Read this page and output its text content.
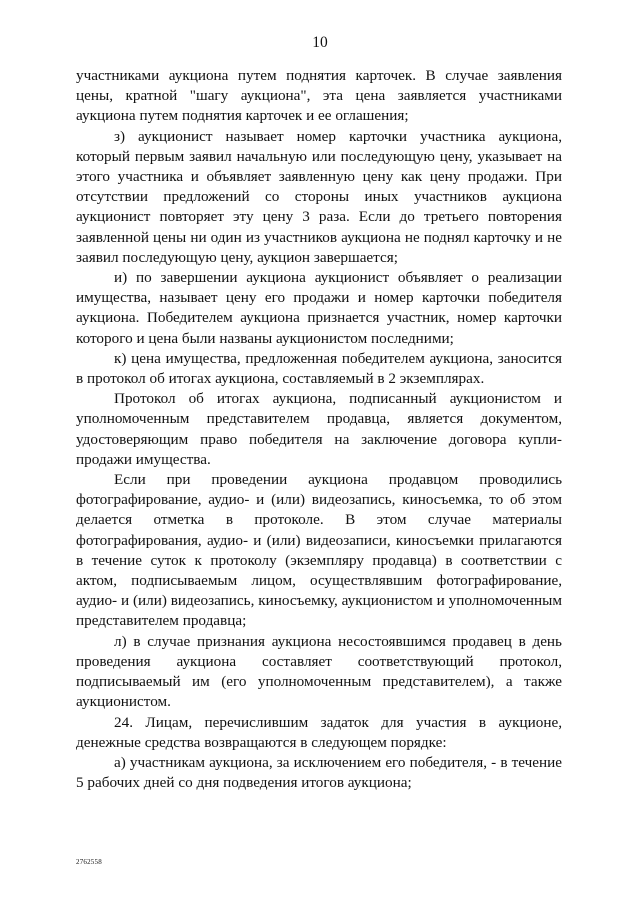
10

участниками аукциона путем поднятия карточек. В случае заявления цены, кратной "шагу аукциона", эта цена заявляется участниками аукциона путем поднятия карточек и ее оглашения;

з) аукционист называет номер карточки участника аукциона, который первым заявил начальную или последующую цену, указывает на этого участника и объявляет заявленную цену как цену продажи. При отсутствии предложений со стороны иных участников аукциона аукционист повторяет эту цену 3 раза. Если до третьего повторения заявленной цены ни один из участников аукциона не поднял карточку и не заявил последующую цену, аукцион завершается;

и) по завершении аукциона аукционист объявляет о реализации имущества, называет цену его продажи и номер карточки победителя аукциона. Победителем аукциона признается участник, номер карточки которого и цена были названы аукционистом последними;

к) цена имущества, предложенная победителем аукциона, заносится в протокол об итогах аукциона, составляемый в 2 экземплярах.

Протокол об итогах аукциона, подписанный аукционистом и уполномоченным представителем продавца, является документом, удостоверяющим право победителя на заключение договора купли-продажи имущества.

Если при проведении аукциона продавцом проводились фотографирование, аудио- и (или) видеозапись, киносъемка, то об этом делается отметка в протоколе. В этом случае материалы фотографирования, аудио- и (или) видеозаписи, киносъемки прилагаются в течение суток к протоколу (экземпляру продавца) в соответствии с актом, подписываемым лицом, осуществлявшим фотографирование, аудио- и (или) видеозапись, киносъемку, аукционистом и уполномоченным представителем продавца;

л) в случае признания аукциона несостоявшимся продавец в день проведения аукциона составляет соответствующий протокол, подписываемый им (его уполномоченным представителем), а также аукционистом.

24. Лицам, перечислившим задаток для участия в аукционе, денежные средства возвращаются в следующем порядке:

а) участникам аукциона, за исключением его победителя, - в течение 5 рабочих дней со дня подведения итогов аукциона;

2762558
